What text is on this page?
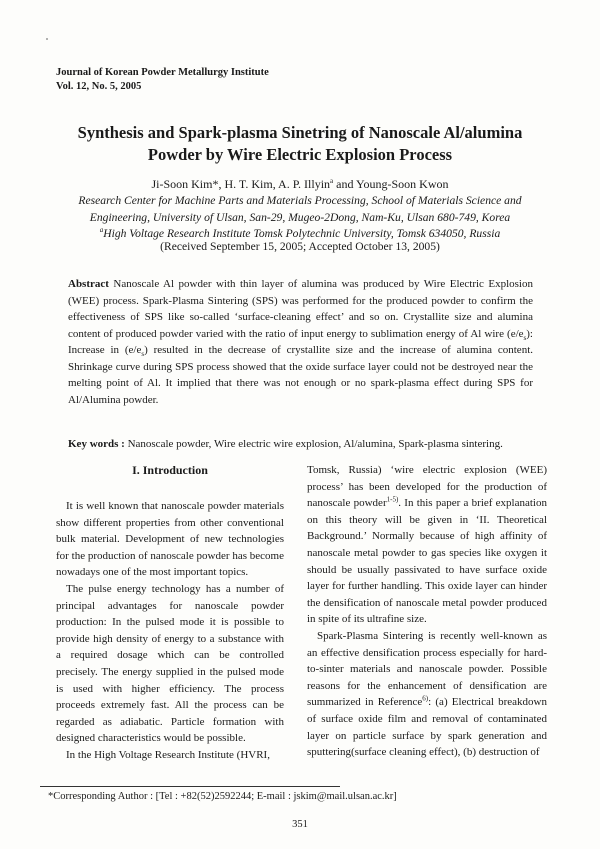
Journal of Korean Powder Metallurgy Institute
Vol. 12, No. 5, 2005
Synthesis and Spark-plasma Sinetring of Nanoscale Al/alumina
Powder by Wire Electric Explosion Process
Ji-Soon Kim*, H. T. Kim, A. P. Illyin$^a$ and Young-Soon Kwon
Research Center for Machine Parts and Materials Processing, School of Materials Science and
Engineering, University of Ulsan, San-29, Mugeo-2Dong, Nam-Ku, Ulsan 680-749, Korea
$^a$High Voltage Research Institute Tomsk Polytechnic University, Tomsk 634050, Russia
(Received September 15, 2005; Accepted October 13, 2005)
Abstract Nanoscale Al powder with thin layer of alumina was produced by Wire Electric Explosion (WEE) process. Spark-Plasma Sintering (SPS) was performed for the produced powder to confirm the effectiveness of SPS like so-called ‘surface-cleaning effect’ and so on. Crystallite size and alumina content of produced powder varied with the ratio of input energy to sublimation energy of Al wire $(e/e_s)$: Increase in $(e/e_s)$ resulted in the decrease of crystallite size and the increase of alumina content. Shrinkage curve during SPS process showed that the oxide surface layer could not be destroyed near the melting point of Al. It implied that there was not enough or no spark-plasma effect during SPS for Al/Alumina powder.
Key words : Nanoscale powder, Wire electric wire explosion, Al/alumina, Spark-plasma sintering.
I. Introduction

It is well known that nanoscale powder materials show different properties from other conventional bulk material. Development of new technologies for the production of nanoscale powder has become nowadays one of the most important topics.

The pulse energy technology has a number of principal advantages for nanoscale powder production: In the pulsed mode it is possible to provide high density of energy to a substance with a required dosage which can be controlled precisely. The energy supplied in the pulsed mode is used with higher efficiency. The process proceeds extremely fast. All the process can be regarded as adiabatic. Particle formation with designed characteristics would be possible.

In the High Voltage Research Institute (HVRI,

Tomsk, Russia) ‘wire electric explosion (WEE) process’ has been developed for the production of nanoscale powder$^{1-5)}$. In this paper a brief explanation on this theory will be given in ‘II. Theoretical Background.’ Normally because of high affinity of nanoscale metal powder to gas species like oxygen it should be usually passivated to have surface oxide layer for further handling. This oxide layer can hinder the densification of nanoscale metal powder produced in spite of its ultrafine size.

Spark-Plasma Sintering is recently well-known as an effective densification process especially for hard-to-sinter materials and nanoscale powder. Possible reasons for the enhancement of densification are summarized in Reference$^{6)}$: (a) Electrical breakdown of surface oxide film and removal of contaminated layer on particle surface by spark generation and sputtering(surface cleaning effect), (b) destruction of

*Corresponding Author : [Tel : +82(52)2592244; E-mail : jskim@mail.ulsan.ac.kr]
351
